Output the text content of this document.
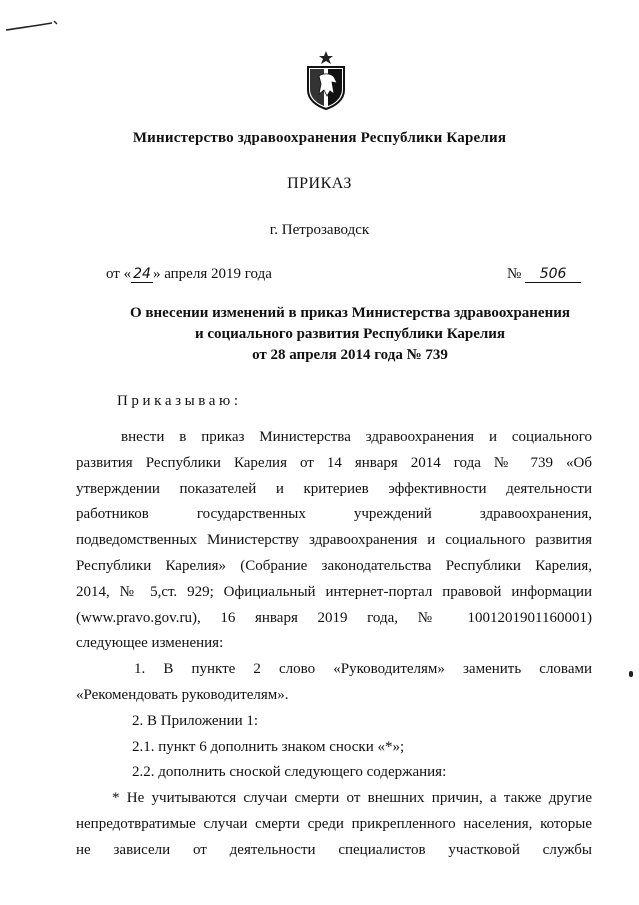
Министерство здравоохранения Республики Карелия
ПРИКАЗ
г. Петрозаводск
от « 24 » апреля 2019 года	№ 506
О внесении изменений в приказ Министерства здравоохранения
и социального развития Республики Карелия
от 28 апреля 2014 года № 739
Приказываю:
внести в приказ Министерства здравоохранения и социального
развития Республики Карелия от 14 января 2014 года № 739 «Об
утверждении показателей и критериев эффективности деятельности
работников государственных учреждений здравоохранения,
подведомственных Министерству здравоохранения и социального развития
Республики Карелия» (Собрание законодательства Республики Карелия,
2014, № 5,ст. 929; Официальный интернет-портал правовой информации
(www.pravo.gov.ru), 16 января 2019 года, № 1001201901160001)
следующее изменения:
1. В пункте 2 слово «Руководителям» заменить словами
«Рекомендовать руководителям».
2. В Приложении 1:
2.1. пункт 6 дополнить знаком сноски «*»;
2.2. дополнить сноской следующего содержания:
* Не учитываются случаи смерти от внешних причин, а также другие
непредотвратимые случаи смерти среди прикрепленного населения, которые
не зависели от деятельности специалистов участковой службы
